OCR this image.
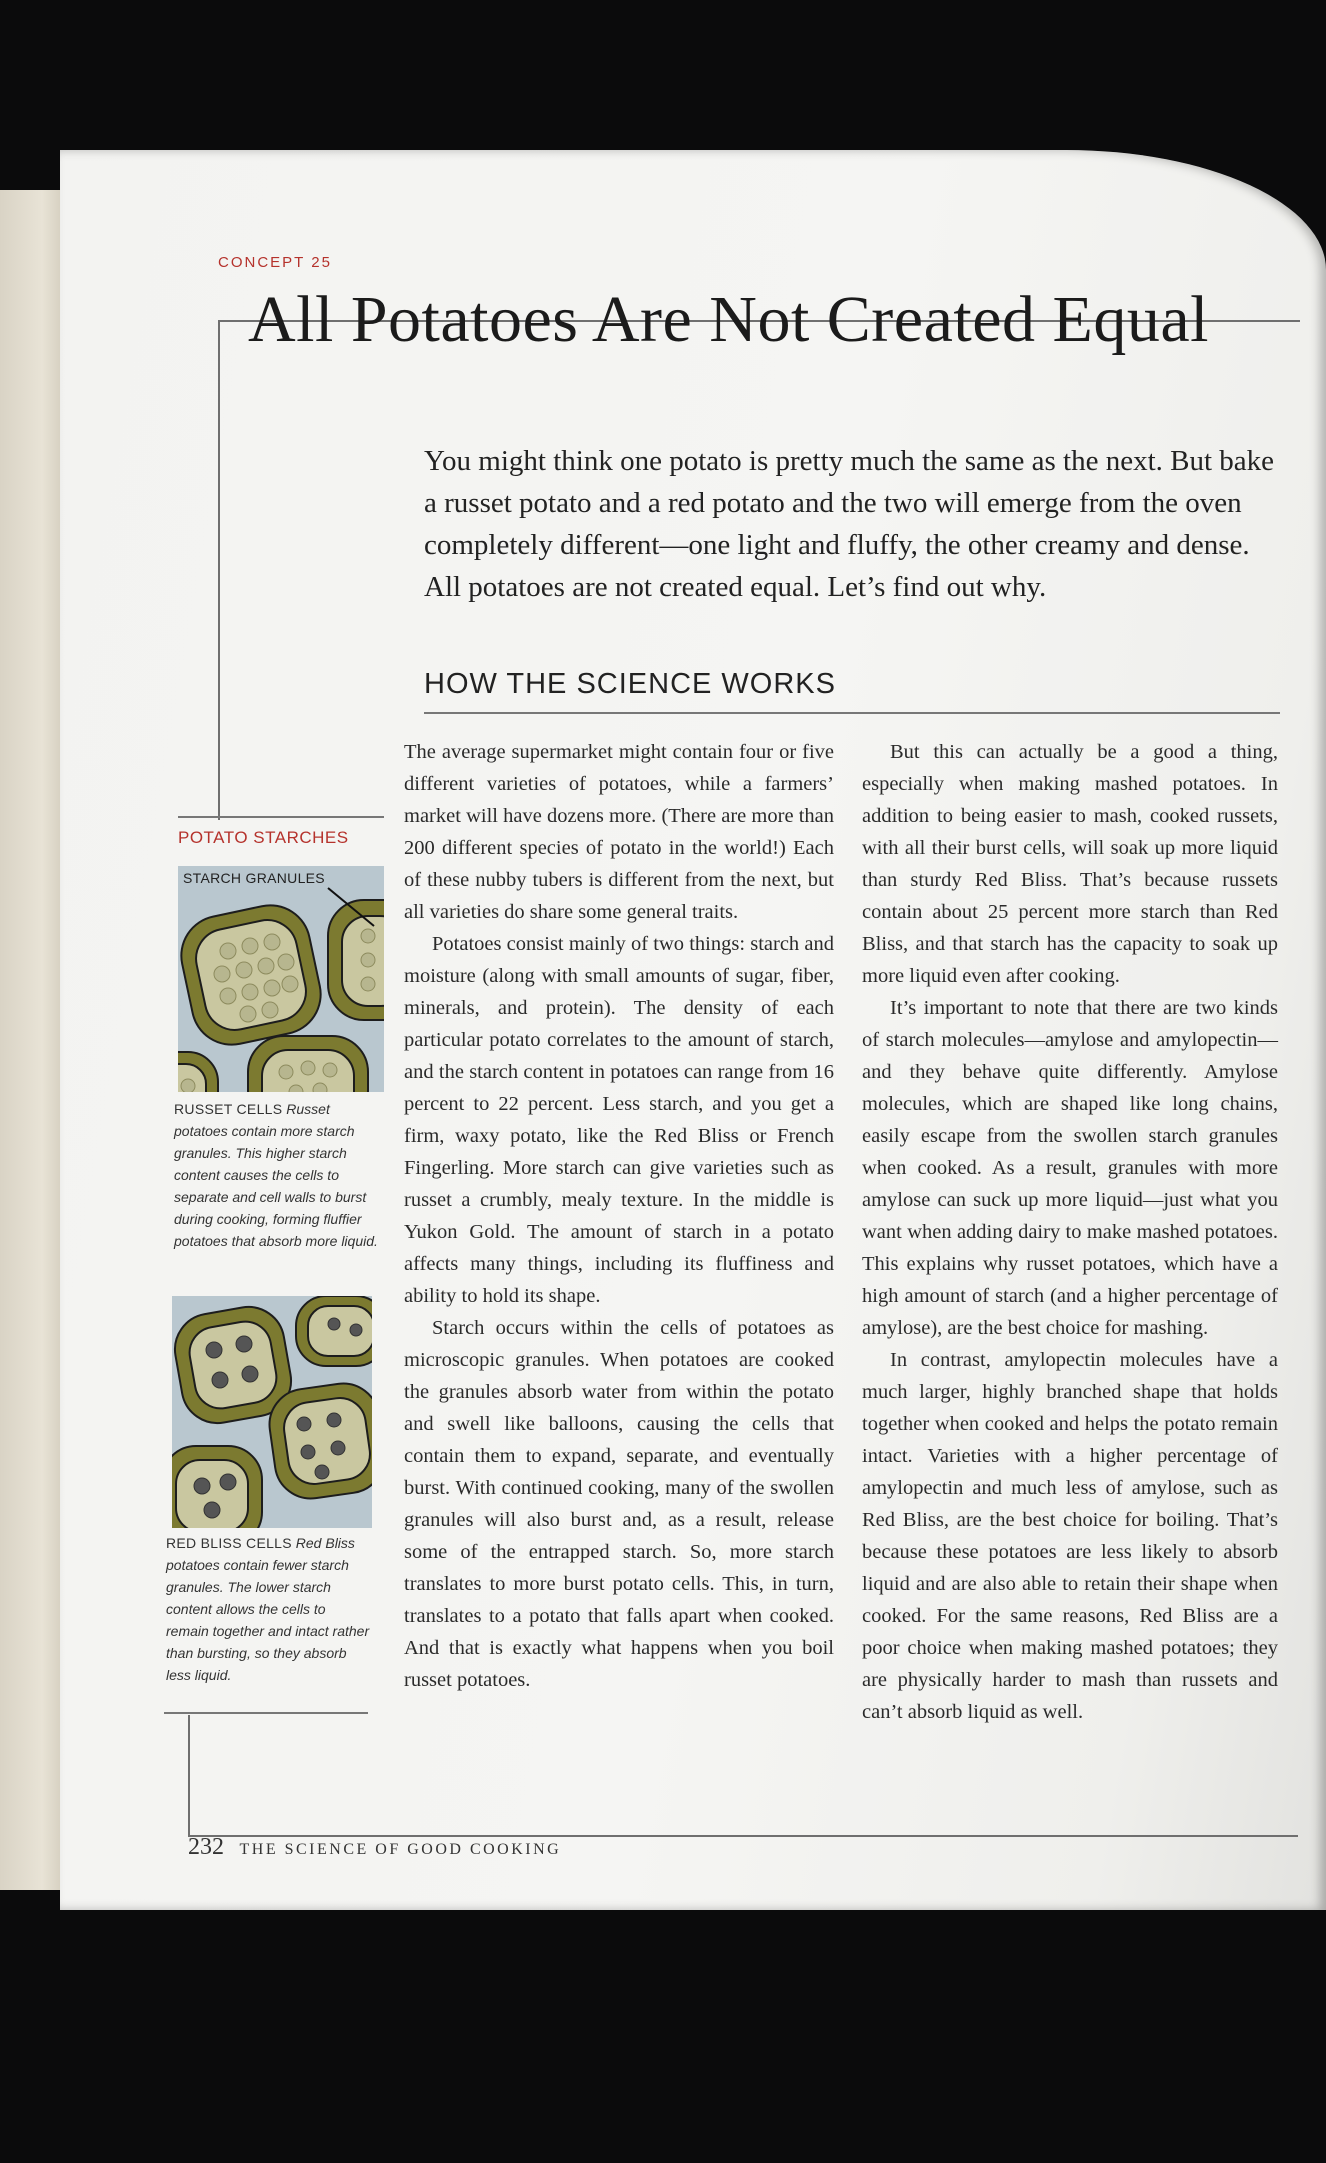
CONCEPT 25
All Potatoes Are Not Created Equal

You might think one potato is pretty much the same as the next. But bake a russet potato and a red potato and the two will emerge from the oven completely different—one light and fluffy, the other creamy and dense. All potatoes are not created equal. Let’s find out why.

HOW THE SCIENCE WORKS

The average supermarket might contain four or five different varieties of potatoes, while a farmers’ market will have dozens more. (There are more than 200 different species of potato in the world!) Each of these nubby tubers is different from the next, but all varieties do share some general traits.

Potatoes consist mainly of two things: starch and moisture (along with small amounts of sugar, fiber, minerals, and protein). The density of each particular potato correlates to the amount of starch, and the starch content in potatoes can range from 16 percent to 22 percent. Less starch, and you get a firm, waxy potato, like the Red Bliss or French Fingerling. More starch can give varieties such as russet a crumbly, mealy texture. In the middle is Yukon Gold. The amount of starch in a potato affects many things, including its fluffiness and ability to hold its shape.

Starch occurs within the cells of potatoes as microscopic granules. When potatoes are cooked the granules absorb water from within the potato and swell like balloons, causing the cells that contain them to expand, separate, and eventually burst. With continued cooking, many of the swollen granules will also burst and, as a result, release some of the entrapped starch. So, more starch translates to more burst potato cells. This, in turn, translates to a potato that falls apart when cooked. And that is exactly what happens when you boil russet potatoes.

But this can actually be a good a thing, especially when making mashed potatoes. In addition to being easier to mash, cooked russets, with all their burst cells, will soak up more liquid than sturdy Red Bliss. That’s because russets contain about 25 percent more starch than Red Bliss, and that starch has the capacity to soak up more liquid even after cooking.

It’s important to note that there are two kinds of starch molecules—amylose and amylopectin—and they behave quite differently. Amylose molecules, which are shaped like long chains, easily escape from the swollen starch granules when cooked. As a result, granules with more amylose can suck up more liquid—just what you want when adding dairy to make mashed potatoes. This explains why russet potatoes, which have a high amount of starch (and a higher percentage of amylose), are the best choice for mashing.

In contrast, amylopectin molecules have a much larger, highly branched shape that holds together when cooked and helps the potato remain intact. Varieties with a higher percentage of amylopectin and much less of amylose, such as Red Bliss, are the best choice for boiling. That’s because these potatoes are less likely to absorb liquid and are also able to retain their shape when cooked. For the same reasons, Red Bliss are a poor choice when making mashed potatoes; they are physically harder to mash than russets and can’t absorb liquid as well.

POTATO STARCHES
STARCH GRANULES
RUSSET CELLS Russet potatoes contain more starch granules. This higher starch content causes the cells to separate and cell walls to burst during cooking, forming fluffier potatoes that absorb more liquid.
RED BLISS CELLS Red Bliss potatoes contain fewer starch granules. The lower starch content allows the cells to remain together and intact rather than bursting, so they absorb less liquid.
232 THE SCIENCE OF GOOD COOKING
